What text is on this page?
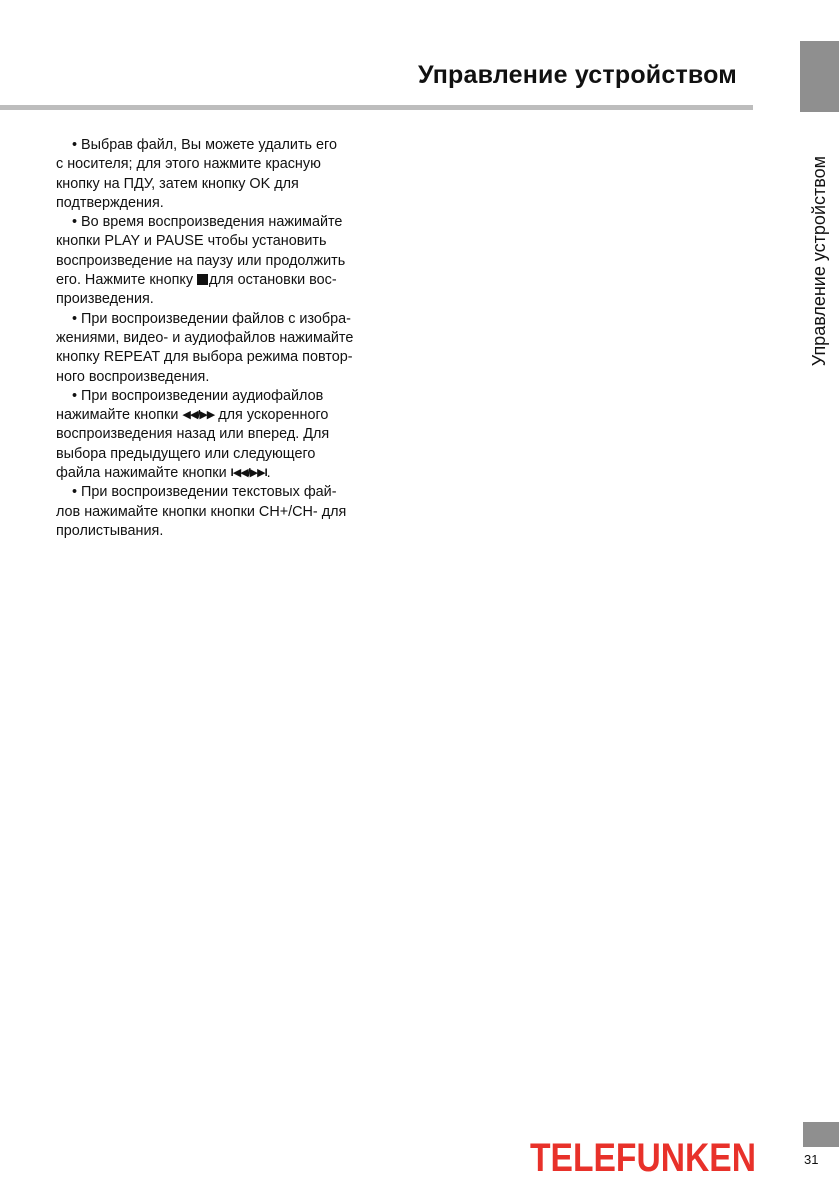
Управление устройством
Управление устройством

• Выбрав файл, Вы можете удалить его
с носителя; для этого нажмите красную
кнопку на ПДУ, затем кнопку OK для
подтверждения.

• Во время воспроизведения нажимайте
кнопки PLAY и PAUSE чтобы установить
воспроизведение на паузу или продолжить
его. Нажмите кнопку для остановки вос-
произведения.

• При воспроизведении файлов с изобра-
жениями, видео- и аудиофайлов нажимайте
кнопку REPEAT для выбора режима повтор-
ного воспроизведения.

• При воспроизведении аудиофайлов
нажимайте кнопки ◀◀/▶▶ для ускоренного
воспроизведения назад или вперед. Для
выбора предыдущего или следующего
файла нажимайте кнопки I◀◀/▶▶I.

• При воспроизведении текстовых фай-
лов нажимайте кнопки кнопки CH+/CH- для
пролистывания.

TELEFUNKEN	31
